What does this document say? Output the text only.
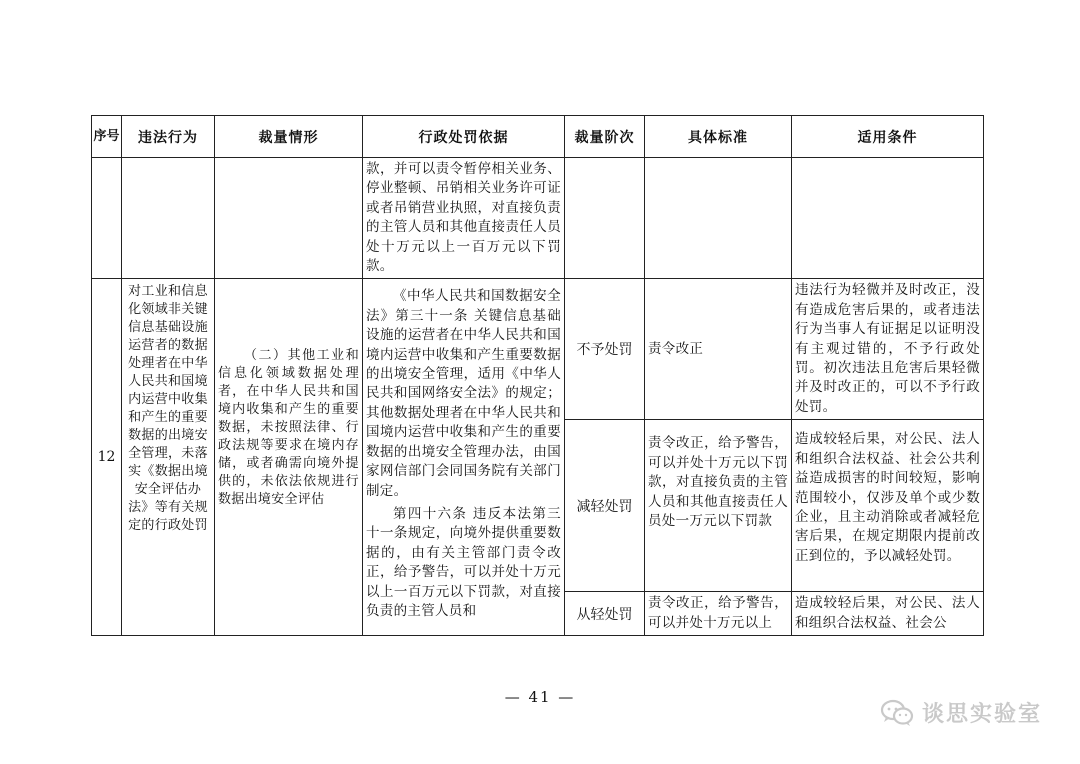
序号	违法行为	裁量情形	行政处罚依据	裁量阶次	具体标准	适用条件

			款，并可以责令暂停相关业务、停业整顿、吊销相关业务许可证或者吊销营业执照，对直接负责的主管人员和其他直接责任人员处十万元以上一百万元以下罚款。			

12	对工业和信息化领域非关键信息基础设施运营者的数据处理者在中华人民共和国境内运营中收集和产生的重要数据的出境安全管理，未落实《数据出境安全评估办法》等有关规定的行政处罚	（二）其他工业和信息化领域数据处理者，在中华人民共和国境内收集和产生的重要数据，未按照法律、行政法规等要求在境内存储，或者确需向境外提供的，未依法依规进行数据出境安全评估	《中华人民共和国数据安全法》第三十一条 关键信息基础设施的运营者在中华人民共和国境内运营中收集和产生重要数据的出境安全管理，适用《中华人民共和国网络安全法》的规定；其他数据处理者在中华人民共和国境内运营中收集和产生的重要数据的出境安全管理办法，由国家网信部门会同国务院有关部门制定。
第四十六条 违反本法第三十一条规定，向境外提供重要数据的，由有关主管部门责令改正，给予警告，可以并处十万元以上一百万元以下罚款，对直接负责的主管人员和	不予处罚	责令改正	违法行为轻微并及时改正，没有造成危害后果的，或者违法行为当事人有证据足以证明没有主观过错的，不予行政处罚。初次违法且危害后果轻微并及时改正的，可以不予行政处罚。

				减轻处罚	责令改正，给予警告，可以并处十万元以下罚款，对直接负责的主管人员和其他直接责任人员处一万元以下罚款	造成较轻后果，对公民、法人和组织合法权益、社会公共利益造成损害的时间较短，影响范围较小，仅涉及单个或少数企业，且主动消除或者减轻危害后果，在规定期限内提前改正到位的，予以减轻处罚。

				从轻处罚	责令改正，给予警告，可以并处十万元以上	造成较轻后果，对公民、法人和组织合法权益、社会公
— 41 —
谈思实验室
